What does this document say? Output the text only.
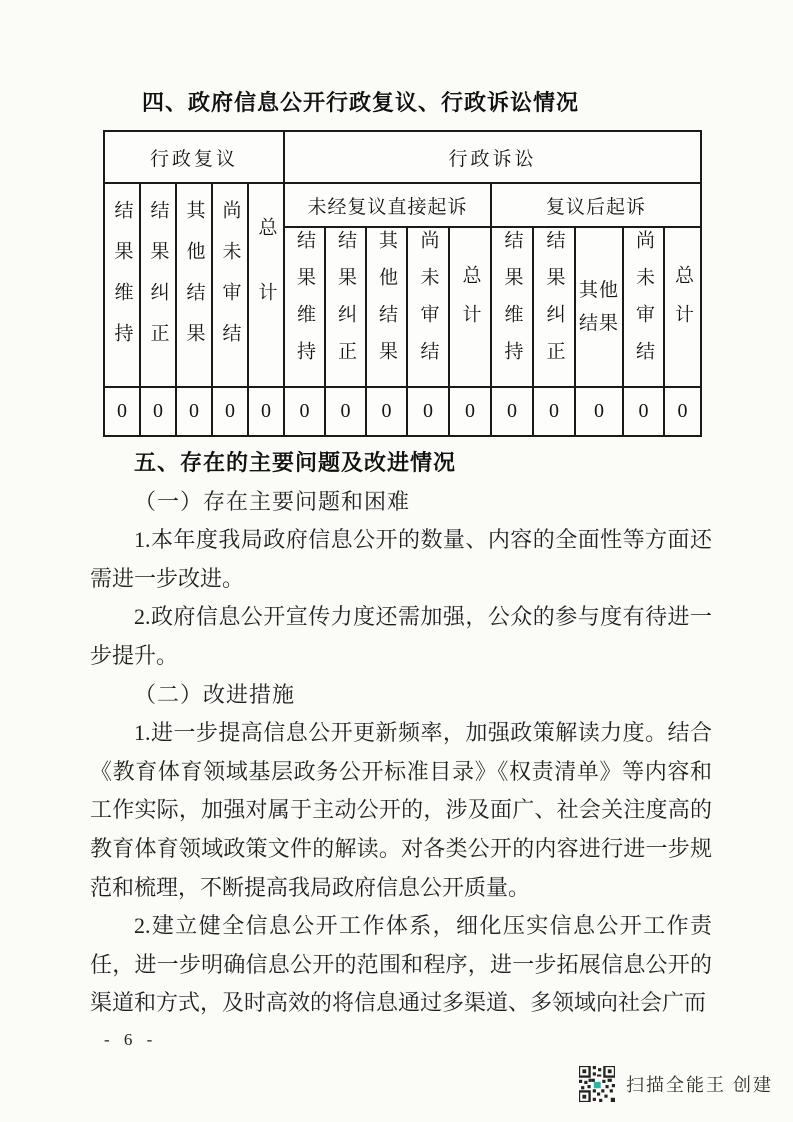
四、政府信息公开行政复议、行政诉讼情况
行政复议					行政诉讼									
结果维持	结果纠正	其他结果	尚未审结	总计	未经复议直接起诉					复议后起诉				
					结果维持	结果纠正	其他结果	尚未审结	总计	结果维持	结果纠正	其他结果	尚未审结	总计
0	0	0	0	0	0	0	0	0	0	0	0	0	0	0

五、存在的主要问题及改进情况

（一）存在主要问题和困难

1.本年度我局政府信息公开的数量、内容的全面性等方面还需进一步改进。

2.政府信息公开宣传力度还需加强，公众的参与度有待进一步提升。

（二）改进措施

1.进一步提高信息公开更新频率，加强政策解读力度。结合《教育体育领域基层政务公开标准目录》《权责清单》等内容和工作实际，加强对属于主动公开的，涉及面广、社会关注度高的教育体育领域政策文件的解读。对各类公开的内容进行进一步规范和梳理，不断提高我局政府信息公开质量。

2.建立健全信息公开工作体系，细化压实信息公开工作责任，进一步明确信息公开的范围和程序，进一步拓展信息公开的渠道和方式，及时高效的将信息通过多渠道、多领域向社会广而

- 6 -
扫描全能王 创建
